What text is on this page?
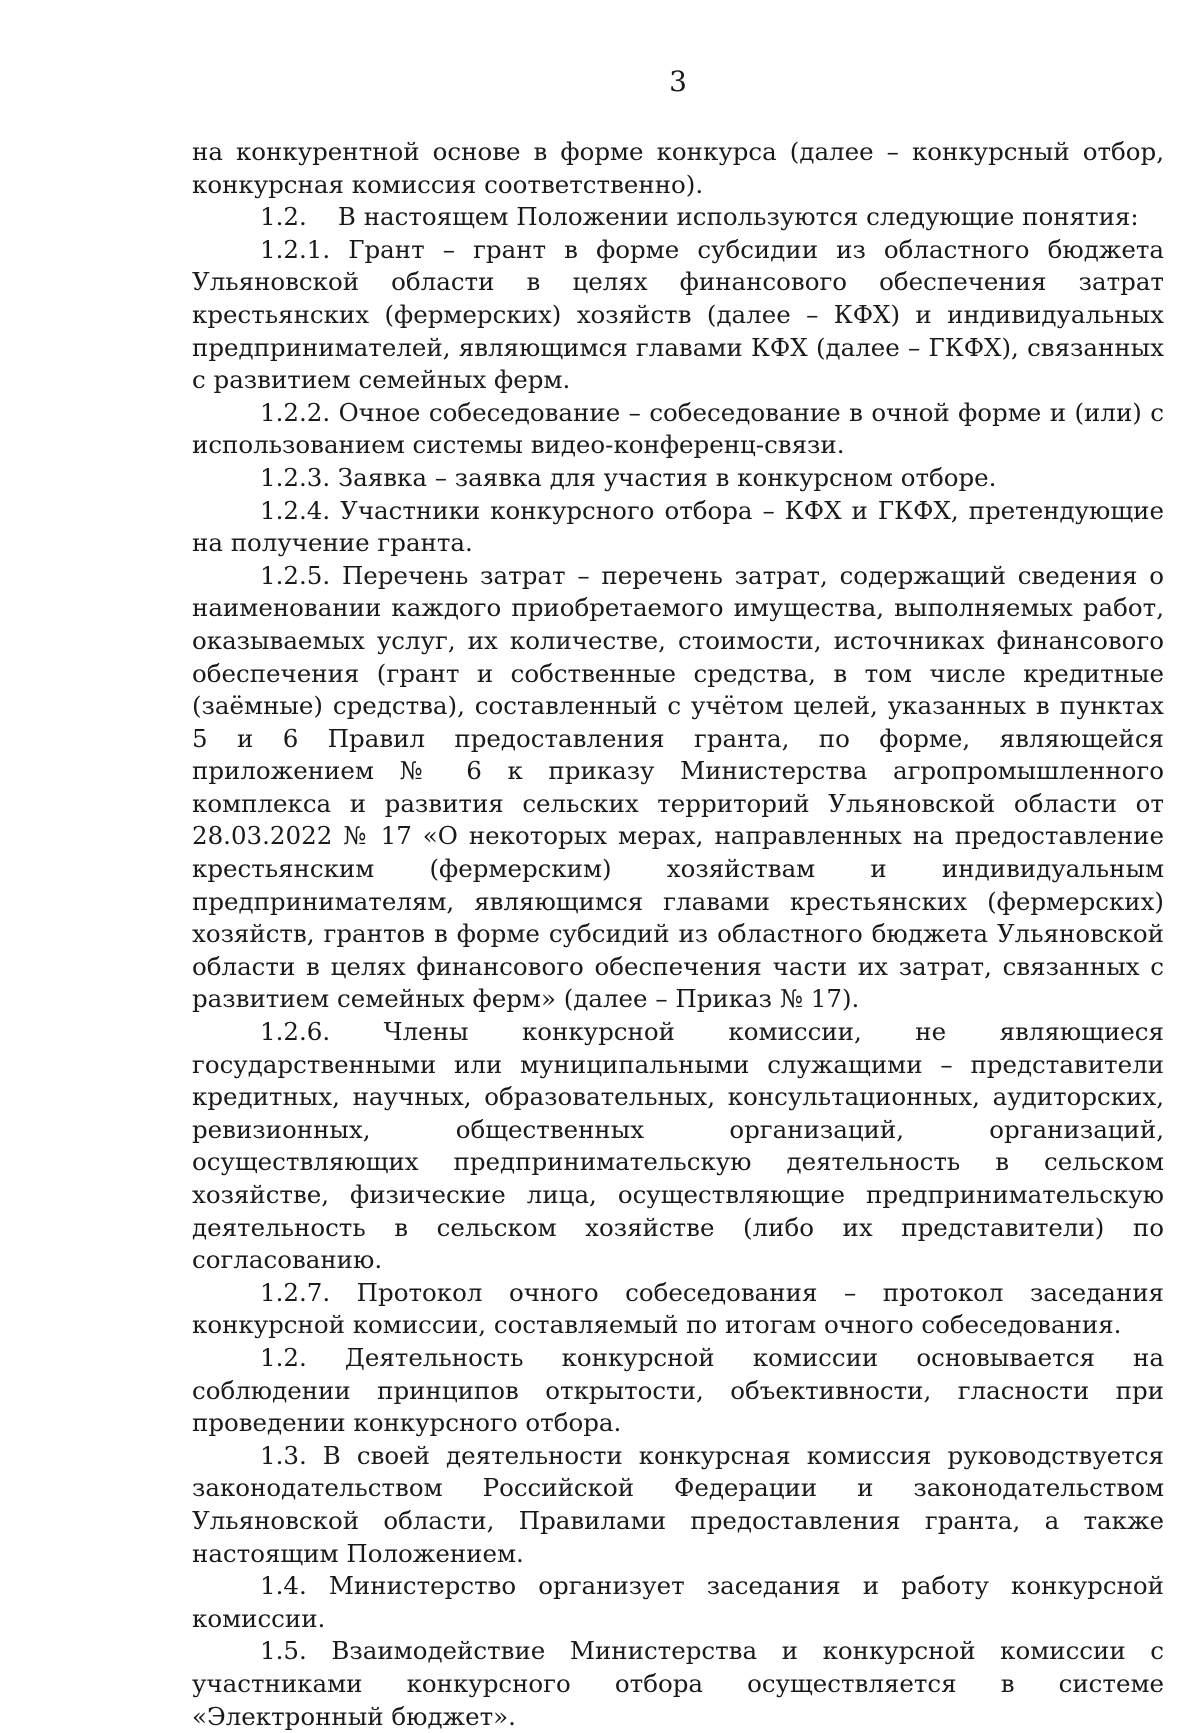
3

на конкурентной основе в форме конкурса (далее – конкурсный отбор, конкурсная комиссия соответственно).

1.2.    В настоящем Положении используются следующие понятия:

1.2.1. Грант – грант в форме субсидии из областного бюджета Ульяновской области в целях финансового обеспечения затрат крестьянских (фермерских) хозяйств (далее – КФХ) и индивидуальных предпринимателей, являющимся главами КФХ (далее – ГКФХ), связанных с развитием семейных ферм.

1.2.2. Очное собеседование – собеседование в очной форме и (или) с использованием системы видео-конференц-связи.

1.2.3. Заявка – заявка для участия в конкурсном отборе.

1.2.4. Участники конкурсного отбора – КФХ и ГКФХ, претендующие на получение гранта.

1.2.5. Перечень затрат – перечень затрат, содержащий сведения о наименовании каждого приобретаемого имущества, выполняемых работ, оказываемых услуг, их количестве, стоимости, источниках финансового обеспечения (грант и собственные средства, в том числе кредитные (заёмные) средства), составленный с учётом целей, указанных в пунктах 5 и 6 Правил предоставления гранта, по форме, являющейся приложением № 6 к приказу Министерства агропромышленного комплекса и развития сельских территорий Ульяновской области от 28.03.2022 № 17 «О некоторых мерах, направленных на предоставление крестьянским (фермерским) хозяйствам и индивидуальным предпринимателям, являющимся главами крестьянских (фермерских) хозяйств, грантов в форме субсидий из областного бюджета Ульяновской области в целях финансового обеспечения части их затрат, связанных с развитием семейных ферм» (далее – Приказ № 17).

1.2.6. Члены конкурсной комиссии, не являющиеся государственными или муниципальными служащими – представители кредитных, научных, образовательных, консультационных, аудиторских, ревизионных, общественных организаций, организаций, осуществляющих предпринимательскую деятельность в сельском хозяйстве, физические лица, осуществляющие предпринимательскую деятельность в сельском хозяйстве (либо их представители) по согласованию.

1.2.7. Протокол очного собеседования – протокол заседания конкурсной комиссии, составляемый по итогам очного собеседования.

1.2. Деятельность конкурсной комиссии основывается на соблюдении принципов открытости, объективности, гласности при проведении конкурсного отбора.

1.3. В своей деятельности конкурсная комиссия руководствуется законодательством Российской Федерации и законодательством Ульяновской области, Правилами предоставления гранта, а также настоящим Положением.

1.4. Министерство организует заседания и работу конкурсной комиссии.

1.5. Взаимодействие Министерства и конкурсной комиссии с участниками конкурсного отбора осуществляется в системе «Электронный бюджет».
